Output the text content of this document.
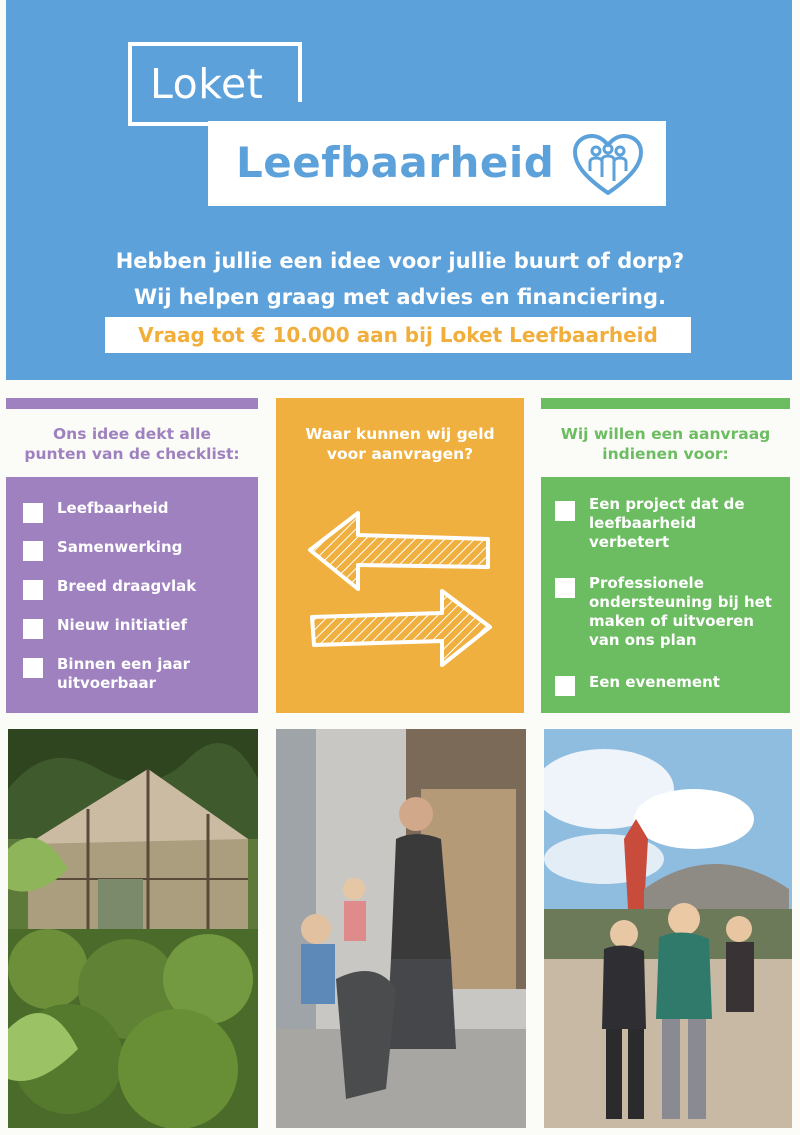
Loket
Leefbaarheid
Hebben jullie een idee voor jullie buurt of dorp?
Wij helpen graag met advies en financiering.
Vraag tot € 10.000 aan bij Loket Leefbaarheid
Ons idee dekt alle
punten van de checklist:
Leefbaarheid
Samenwerking
Breed draagvlak
Nieuw initiatief
Binnen een jaar
uitvoerbaar
Waar kunnen wij geld
voor aanvragen?
Wij willen een aanvraag
indienen voor:
Een project dat de
leefbaarheid
verbetert
Professionele
ondersteuning bij het
maken of uitvoeren
van ons plan
Een evenement
